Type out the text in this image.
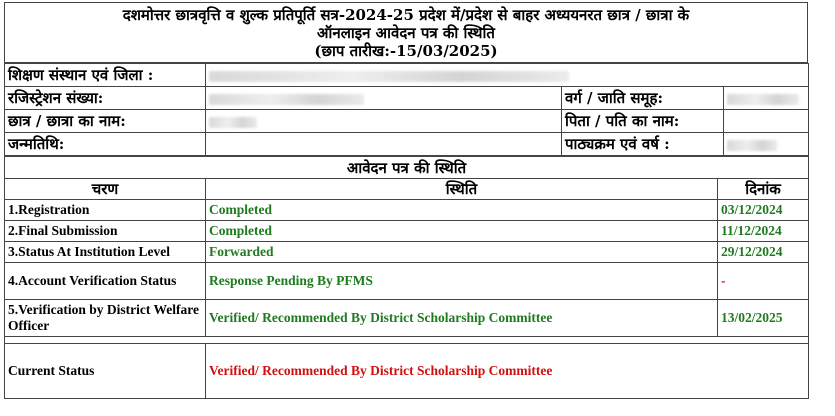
दशमोत्तर छात्रवृत्ति व शुल्क प्रतिपूर्ति सत्र-2024-25 प्रदेश में/प्रदेश से बाहर अध्ययनरत छात्र / छात्रा के
ऑनलाइन आवेदन पत्र की स्थिति
(छाप तारीख:-15/03/2025)
शिक्षण संस्थान एवं जिला :			
रजिस्ट्रेशन संख्या:		वर्ग / जाति समूह:	
छात्र / छात्रा का नाम:		पिता / पति का नाम:	
जन्मतिथि:		पाठ्यक्रम एवं वर्ष :	
आवेदन पत्र की स्थिति		
चरण	स्थिति	दिनांक
1.Registration	Completed	03/12/2024
2.Final Submission	Completed	11/12/2024
3.Status At Institution Level	Forwarded	29/12/2024
4.Account Verification Status	Response Pending By PFMS	-
5.Verification by District Welfare Officer	Verified/ Recommended By District Scholarship Committee	13/02/2025

Current Status	Verified/ Recommended By District Scholarship Committee	
